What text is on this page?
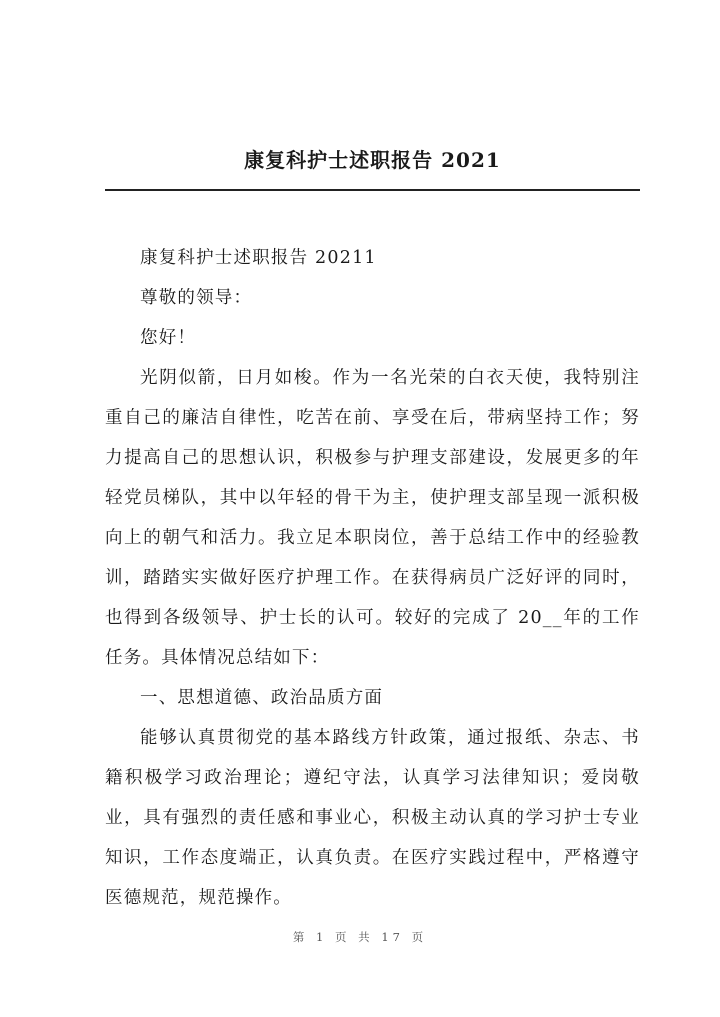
康复科护士述职报告 2021

康复科护士述职报告 20211

尊敬的领导：

您好！

光阴似箭，日月如梭。作为一名光荣的白衣天使，我特别注重自己的廉洁自律性，吃苦在前、享受在后，带病坚持工作；努力提高自己的思想认识，积极参与护理支部建设，发展更多的年轻党员梯队，其中以年轻的骨干为主，使护理支部呈现一派积极向上的朝气和活力。我立足本职岗位，善于总结工作中的经验教训，踏踏实实做好医疗护理工作。在获得病员广泛好评的同时，也得到各级领导、护士长的认可。较好的完成了 20__年的工作任务。具体情况总结如下：

一、思想道德、政治品质方面

能够认真贯彻党的基本路线方针政策，通过报纸、杂志、书籍积极学习政治理论；遵纪守法，认真学习法律知识；爱岗敬业，具有强烈的责任感和事业心，积极主动认真的学习护士专业知识，工作态度端正，认真负责。在医疗实践过程中，严格遵守医德规范，规范操作。

第 1 页 共 17 页
